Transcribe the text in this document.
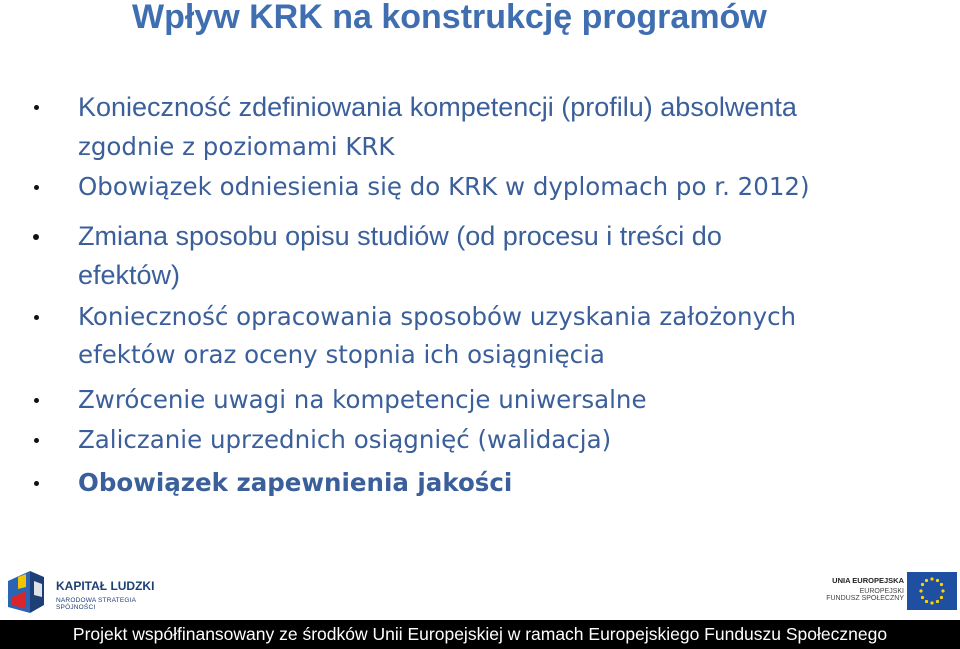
Wpływ KRK na konstrukcję programów
Konieczność zdefiniowania kompetencji (profilu) absolwenta
zgodnie z poziomami KRK
Obowiązek odniesienia się do KRK w dyplomach po r. 2012)
Zmiana sposobu opisu studiów (od procesu i treści do
efektów)
Konieczność opracowania sposobów uzyskania założonych
efektów oraz oceny stopnia ich osiągnięcia
Zwrócenie uwagi na kompetencje uniwersalne
Zaliczanie uprzednich osiągnięć (walidacja)
Obowiązek zapewnienia jakości
KAPITAŁ LUDZKI
NARODOWA STRATEGIA SPÓJNOŚCI
UNIA EUROPEJSKA
EUROPEJSKI
FUNDUSZ SPOŁECZNY
Projekt współfinansowany ze środków Unii Europejskiej w ramach Europejskiego Funduszu Społecznego
